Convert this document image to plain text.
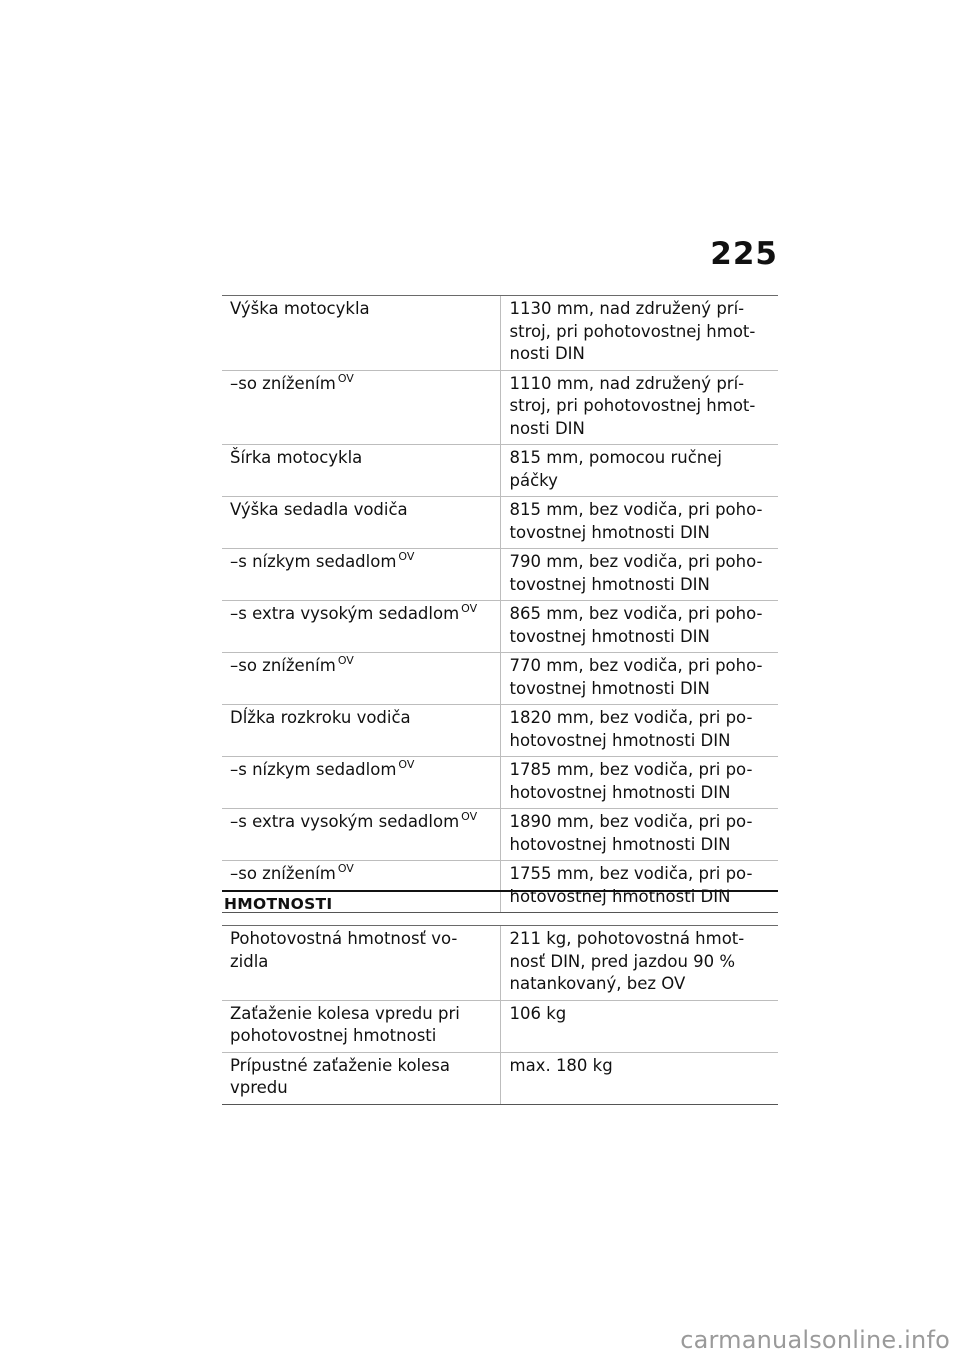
225
Výška motocykla	1130 mm, nad združený prí-
stroj, pri pohotovostnej hmot-
nosti DIN
–so znížením $^{OV}$	1110 mm, nad združený prí-
stroj, pri pohotovostnej hmot-
nosti DIN
Šírka motocykla	815 mm, pomocou ručnej
páčky
Výška sedadla vodiča	815 mm, bez vodiča, pri poho-
tovostnej hmotnosti DIN
–s nízkym sedadlom $^{OV}$	790 mm, bez vodiča, pri poho-
tovostnej hmotnosti DIN
–s extra vysokým sedadlom $^{OV}$	865 mm, bez vodiča, pri poho-
tovostnej hmotnosti DIN
–so znížením $^{OV}$	770 mm, bez vodiča, pri poho-
tovostnej hmotnosti DIN
Dĺžka rozkroku vodiča	1820 mm, bez vodiča, pri po-
hotovostnej hmotnosti DIN
–s nízkym sedadlom $^{OV}$	1785 mm, bez vodiča, pri po-
hotovostnej hmotnosti DIN
–s extra vysokým sedadlom $^{OV}$	1890 mm, bez vodiča, pri po-
hotovostnej hmotnosti DIN
–so znížením $^{OV}$	1755 mm, bez vodiča, pri po-
hotovostnej hmotnosti DIN
HMOTNOSTI
Pohotovostná hmotnosť vo-
zidla	211 kg, pohotovostná hmot-
nosť DIN, pred jazdou 90 %
natankovaný, bez OV
Zaťaženie kolesa vpredu pri
pohotovostnej hmotnosti	106 kg
Prípustné zaťaženie kolesa
vpredu	max. 180 kg
carmanualsonline.info
